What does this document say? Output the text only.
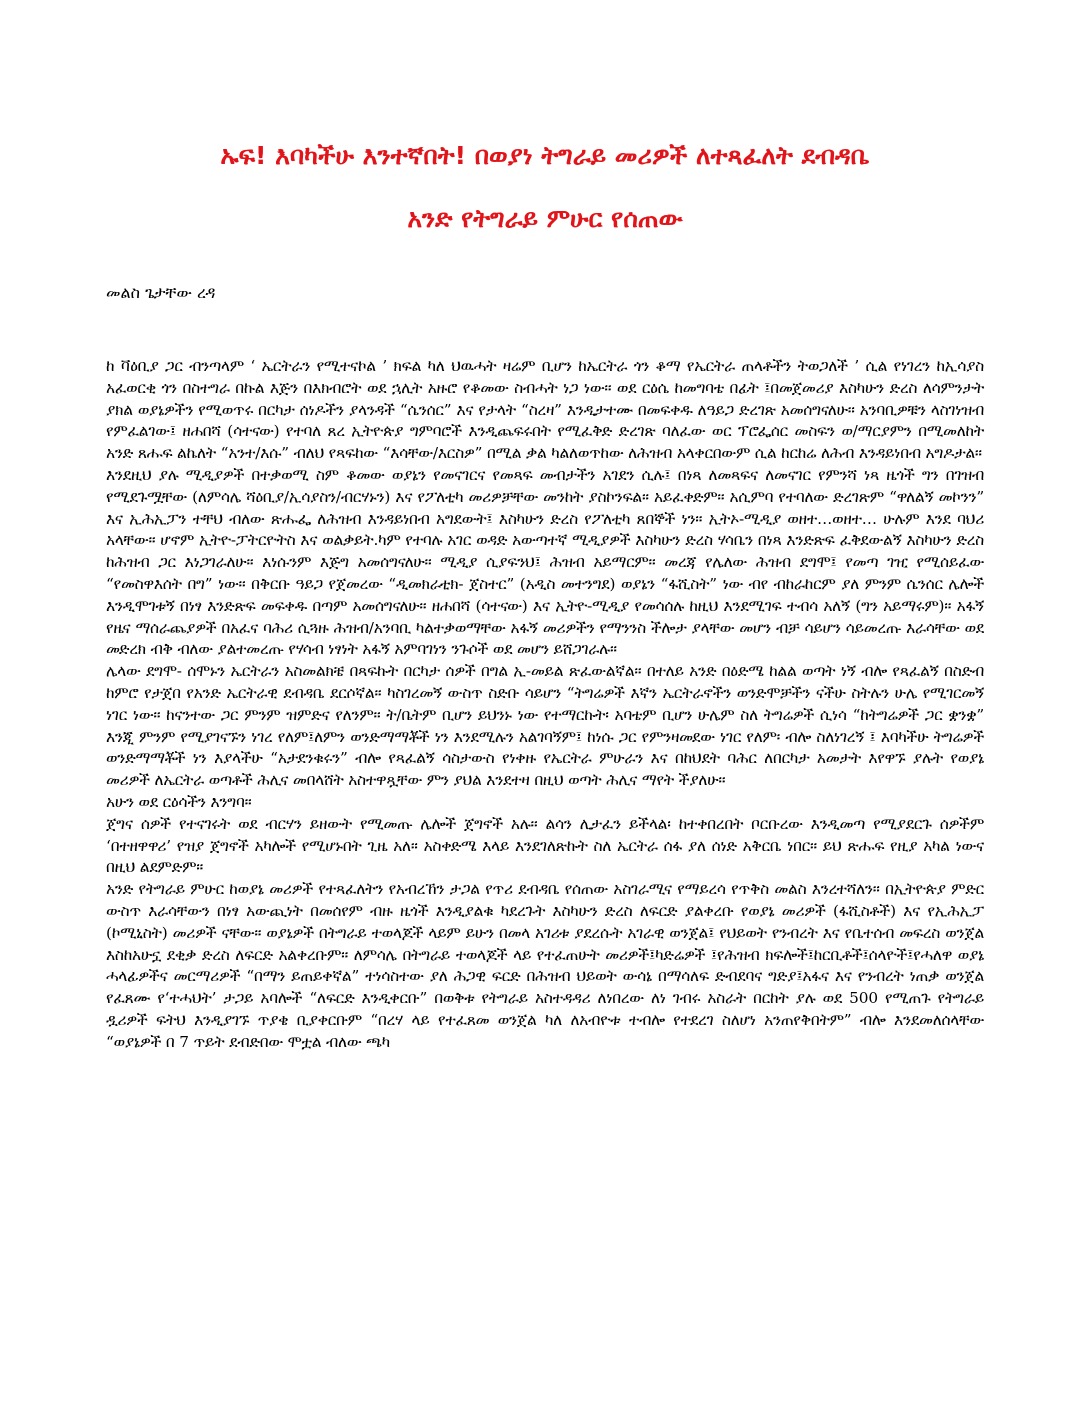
ኡፍ! እባካችሁ እንተኛበት! በወያነ ትግራይ መሪዎች ለተጻፈለት ደብዳቤ
አንድ የትግራይ ምሁር የሰጠው
መልስ ጌታቸው ረዳ

ከ ቫዕቢያ ጋር ብንጣላም ‘ ኤርትራን የሚተናኮል ’ ክፍል ካለ ህዉሓት ዛሬም ቢሆን ከኤርትራ ጎን ቆማ የኤርትራ ጠላቶችን ትወጋለች ’ ሲል የነገረን ከኢሳያስ አፈወርቂ ጎን በስተግራ በኩል እጅን በእክብሮት ወደ ኋሊት አዙሮ የቆመው ስብሓት ነጋ ነው፡፡ ወደ ርዕሴ ከመግባቴ በፊት ፤በመጀመሪያ እስካሁን ድረስ ለሳምንታት ያክል ወያኔዎችን የሚወጥሩ በርካታ ሰነዶችን ያላንዳች “ሴንሰር” እና የታላት “ስረዛ” እንዲታተሙ በመፍቀዱ ለዓይጋ ድረገጽ አመሰግናለሁ፡፡ አንባቢዎቹን ላስገነዝብ የምፈልገው፤ ዘሐበሻ (ሳተናው) የተባለ ጸረ ኢትዮጵያ ግምባሮች እንዲጨፍሩበት የሚፈቅድ ድረገጽ ባለፈው ወር ፕሮፌሰር መስፍን ወ/ማርያምን በሚመለከት አንድ ጸሑፍ ልኬለት “አንተ/እሱ” ብለህ የጻፍከው “እሳቸው/እርስዎ” በሚል ቃል ካልለወጥከው ለሕዝብ አላቀርበውም ሲል ከርከሬ ለሕብ እንዳይነበብ አግዶታል፡፡

እንደዚህ ያሉ ሚዲያዎች በተቃወሚ ስም ቆመው ወያኔን የመናገርና የመጻፍ መብታችን አገደን ሲሉ፤ በነጻ ለመጻፍና ለመናገር የምንሻ ነጻ ዜጎች ግን በገዝብ የሚደጉሟቸው (ለምሳሌ ሻዕቢያ/ኢሳያስን/ብርሃኑን) እና የፖለቲካ መሪዎቻቸው መንከት ያስኮንፍል፡፡ አይፈቀድም፡፡ አሲምባ የተባለው ድረገጽም “ዋለልኝ መኮንን” እና ኢሕኢፓን ተቸህ ብለው ጽሑፌ ለሕዝብ እንዳይነበብ አግደውት፤ እስካሁን ድረስ የፖለቲካ ጸበኞች ነን፡፡ ኢትኦ-ሚዲያ ወዘተ…ወዘተ… ሁሉም እንደ ባህሪ አላቸው፡፡ ሆኖም ኢትዮ-ፓትርዮትስ እና ወልቃይት.ካም የተባሉ አገር ወዳድ አውጣተኛ ሚዲያዎች እስካሁን ድረስ ሃሳቤን በነጻ እንድጽፍ ፈቅደውልኝ እስካሁን ድረስ ከሕዝብ ጋር እነጋገራለሁ፡፡ እነሱንም እጅግ አመሰግናለሁ፡፡ ሚዲያ ሲያፍንህ፤ ሕዝብ አይማርም፡፡ መረጃ የሌለው ሕዝብ ደግሞ፤ የመጣ ገዢ የሚሰይፈው “የመስዋእሰት በግ” ነው፡፡ በቅርቡ ዓይጋ የጀመረው “ዲመክራቲክ- ጀስተር” (አዲስ መተንግደ) ወያኔን “ፋሺስት” ነው ብየ ብከራከርም ያለ ምንም ሴንሰር ሌሎች እንዲሞገቱኝ በነፃ እንድጽፍ መፍቀዱ በጣም አመሰግናለሁ፡፡ ዘሐበሻ (ሳተናው) እና ኢትዮ-ሚዲያ የመሳሰሉ ከዚህ እንደሚገፍ ተብሳ አለኝ (ግን አይማሩም)፡፡ አፋኝ የዜና ማሰራጨያዎች በአፈና ባሕሪ ሲጓዙ ሕዝብ/አንባቢ ካልተቃወማቸው አፋኝ መሪዎችን የማንንስ ችሎታ ያላቸው መሆን ብቻ ሳይሆን ሳይመረጡ እራሳቸው ወደ መድረክ ብቅ ብለው ያልተመረጡ የሃሳብ ነፃነት አፋኝ አምባገነን ንጉሶች ወደ መሆን ይሸጋገራሉ፡፡

ሌላው ደግሞ- ሰሞኑን ኤርትራን አስመልክቼ በጻፍኩት በርካታ ሰዎች በግል ኢ-መይል ጽፈውልኛል፡፡ በተለይ አንድ በዕድሜ ከልል ወጣት ነኝ ብሎ የጻፈልኝ በስድብ ከምሮ የታጀበ የአንድ ኤርትራዊ ደብዳቤ ደርሶኛል፡፡ ካስገረመኝ ውስጥ ስድቡ ሳይሆን “ትግሬዎች እኛን ኤርትራኖችን ወንድሞቻችን ናችሁ ስትሉን ሁሌ የሚገርመኝ ነገር ነው፡፡ ከናንተው ጋር ምንም ዝምድና የለንም፡፡ ት/ቤትም ቢሆን ይህንኑ ነው የተማርኩት፡ አባቴም ቢሆን ሁሌም ስለ ትግሬዎች ሲነሳ “ከትግሬዎች ጋር ቋንቋ” እንጂ ምንም የሚያገናኙን ነገረ የለም፤ለምን ወንድማማቾች ነን እንደሚሉን አልገባኝም፤ ከነሱ ጋር የምንዛመደው ነገር የለም፡ ብሎ ስለነገረኝ ፤ እባካችሁ ትግሬዎች ወንድማማቾች ነን እያላችሁ “አታደንቁሩን” ብሎ የጻፈልኝ ሳስታውስ የነቀዙ የኤርትራ ምሁራን እና በከህደት ባሕር ለበርካታ አመታት እየዋኙ ያሉት የወያኔ መሪዎች ለኤርትራ ወጣቶች ሕሊና መበላሸት አስተዋጿቸው ምን ያህል እንደተዛ በዚህ ወጣት ሕሊና ማየት ችያለሁ፡፡

አሁን ወደ ርዕሳችን እንግባ፡፡

ጀግና ሰዎች የተናገሩት ወደ ብርሃን ይዘውት የሚመጡ ሌሎች ጀግኖች አሉ፡፡ ልሳን ሊታፈን ይችላል፡ ከተቀበረበት ቦርቡረው እንዲመጣ የሚያደርጉ ሰዎችም ‘በተዘዋዋሪ’ የዝያ ጀግኖች አካሎች የሚሆኑበት ጊዜ አለ፡፡ አስቀድሜ እላይ እንደገለጽኩት ስለ ኤርትራ ሰፋ ያለ ሰነድ አቅርቤ ነበር፡፡ ይህ ጽሑፍ የዚያ አካል ነውና በዚህ ልደምድም፡፡

አንድ የትግራይ ምሁር ከወያኔ መሪዎች የተጻፈለትን የአብረኸን ታጋል የጥሪ ደብዳቤ የሰጠው አስገራሚና የማይረሳ የጥቅስ መልስ እንረተሻለን፡፡ በኢትዮጵያ ምድር ውስጥ እራሳቸውን በነፃ አውጪነት በመሰየም ብዙ ዜጎች እንዲያልቁ ካደረጉት እስካሁን ድረስ ለፍርድ ያልቀረቡ የወያኔ መሪዎች (ፋሺስቶች) እና የኢሕኢፓ (ኮሚኒስት) መሪዎች ናቸው፡፡ ወያኔዎች በትግራይ ተወላጆች ላይም ይሁን በመላ አገሪቱ ያደረሱት አገራዊ ወንጀል፤ የህይወት የንብረት እና የቤተሰብ መፍረስ ወንጀል እስከአሁኗ ደቂቃ ድረስ ለፍርድ አልቀረቡም፡፡ ለምሳሌ በትግራይ ተወላጆች ላይ የተፈጠሁት መሪዎች፤ካድሬዎች ፤የሕዝብ ክፍሎች፤ከርቢቶች፤ሰላዮች፤የሓለዋ ወያኔ ሓላፊዎችና መርማሪዎች “በማን ይጠይቀኛል” ተነሳስተው ያለ ሕጋዊ ፍርድ በሕዝብ ህይወት ውሳኔ በማሳለፍ ድብደባና ግድያ፤አፋና እና የንብረት ነጠቃ ወንጀል የፈጸሙ የ‘ተሓህት’ ታጋይ አባሎች “ለፍርድ እንዲቀርቡ” በወቅቱ የትግራይ አስተዳዳሪ ለነበረው ለነ ገብሩ አስራት በርከት ያሉ ወደ 500 የሚጠጉ የትግራይ ዷሪዎች ፍትህ እንዲያገኙ ጥያቄ ቢያቀርቡም “በረሃ ላይ የተፈጸመ ወንጀል ካለ ለአብዮቱ ተብሎ የተደረገ ስለሆነ አንጠየቅበትም” ብሎ እንደመለሰላቸው “ወያኔዎች በ 7 ጥይት ደብድበው ሞቷል ብለው ጫካ
